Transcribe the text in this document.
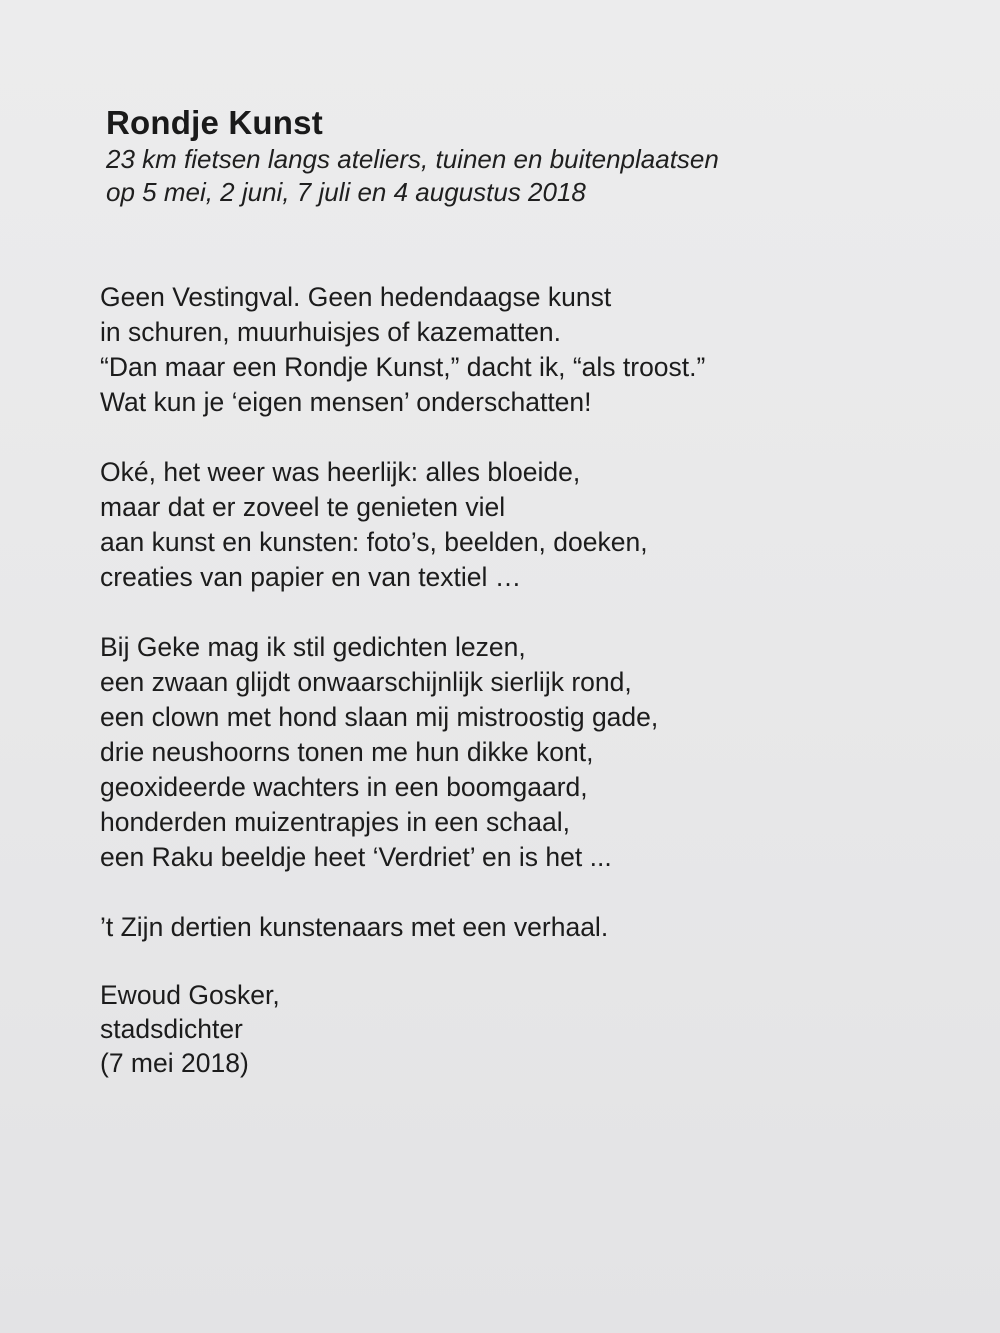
Rondje Kunst

23 km fietsen langs ateliers, tuinen en buitenplaatsen

op 5 mei, 2 juni, 7 juli en 4 augustus 2018

Geen Vestingval. Geen hedendaagse kunst
in schuren, muurhuisjes of kazematten.
“Dan maar een Rondje Kunst,” dacht ik, “als troost.”
Wat kun je ‘eigen mensen’ onderschatten!
Oké, het weer was heerlijk: alles bloeide,
maar dat er zoveel te genieten viel
aan kunst en kunsten: foto’s, beelden, doeken,
creaties van papier en van textiel …
Bij Geke mag ik stil gedichten lezen,
een zwaan glijdt onwaarschijnlijk sierlijk rond,
een clown met hond slaan mij mistroostig gade,
drie neushoorns tonen me hun dikke kont,
geoxideerde wachters in een boomgaard,
honderden muizentrapjes in een schaal,
een Raku beeldje heet ‘Verdriet’ en is het ...
’t Zijn dertien kunstenaars met een verhaal.
Ewoud Gosker,
stadsdichter
(7 mei 2018)
